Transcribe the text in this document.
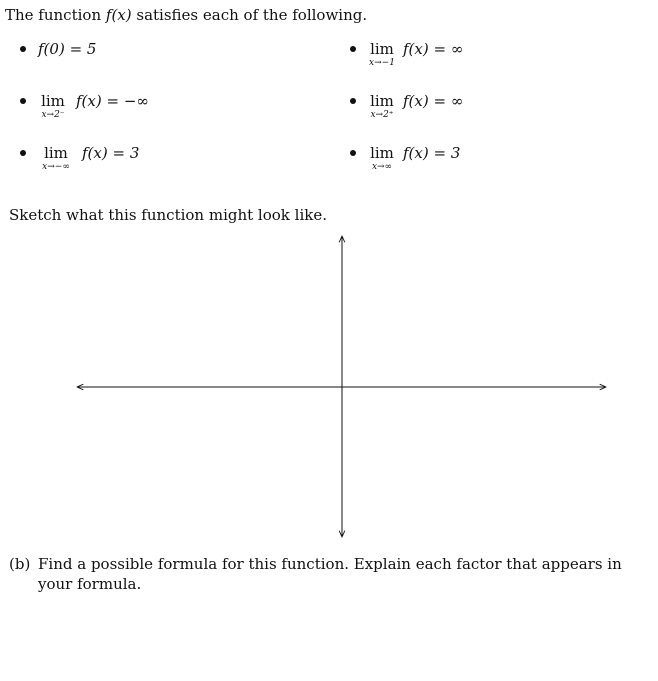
The function f(x) satisfies each of the following.
f(0) = 5	lim
x→−1
f(x) = ∞
lim
x→2⁻
f(x) = −∞	lim
x→2⁺
f(x) = ∞
lim
x→−∞
f(x) = 3	lim
x→∞
f(x) = 3
Sketch what this function might look like.
(b) Find a possible formula for this function. Explain each factor that appears in
your formula.
